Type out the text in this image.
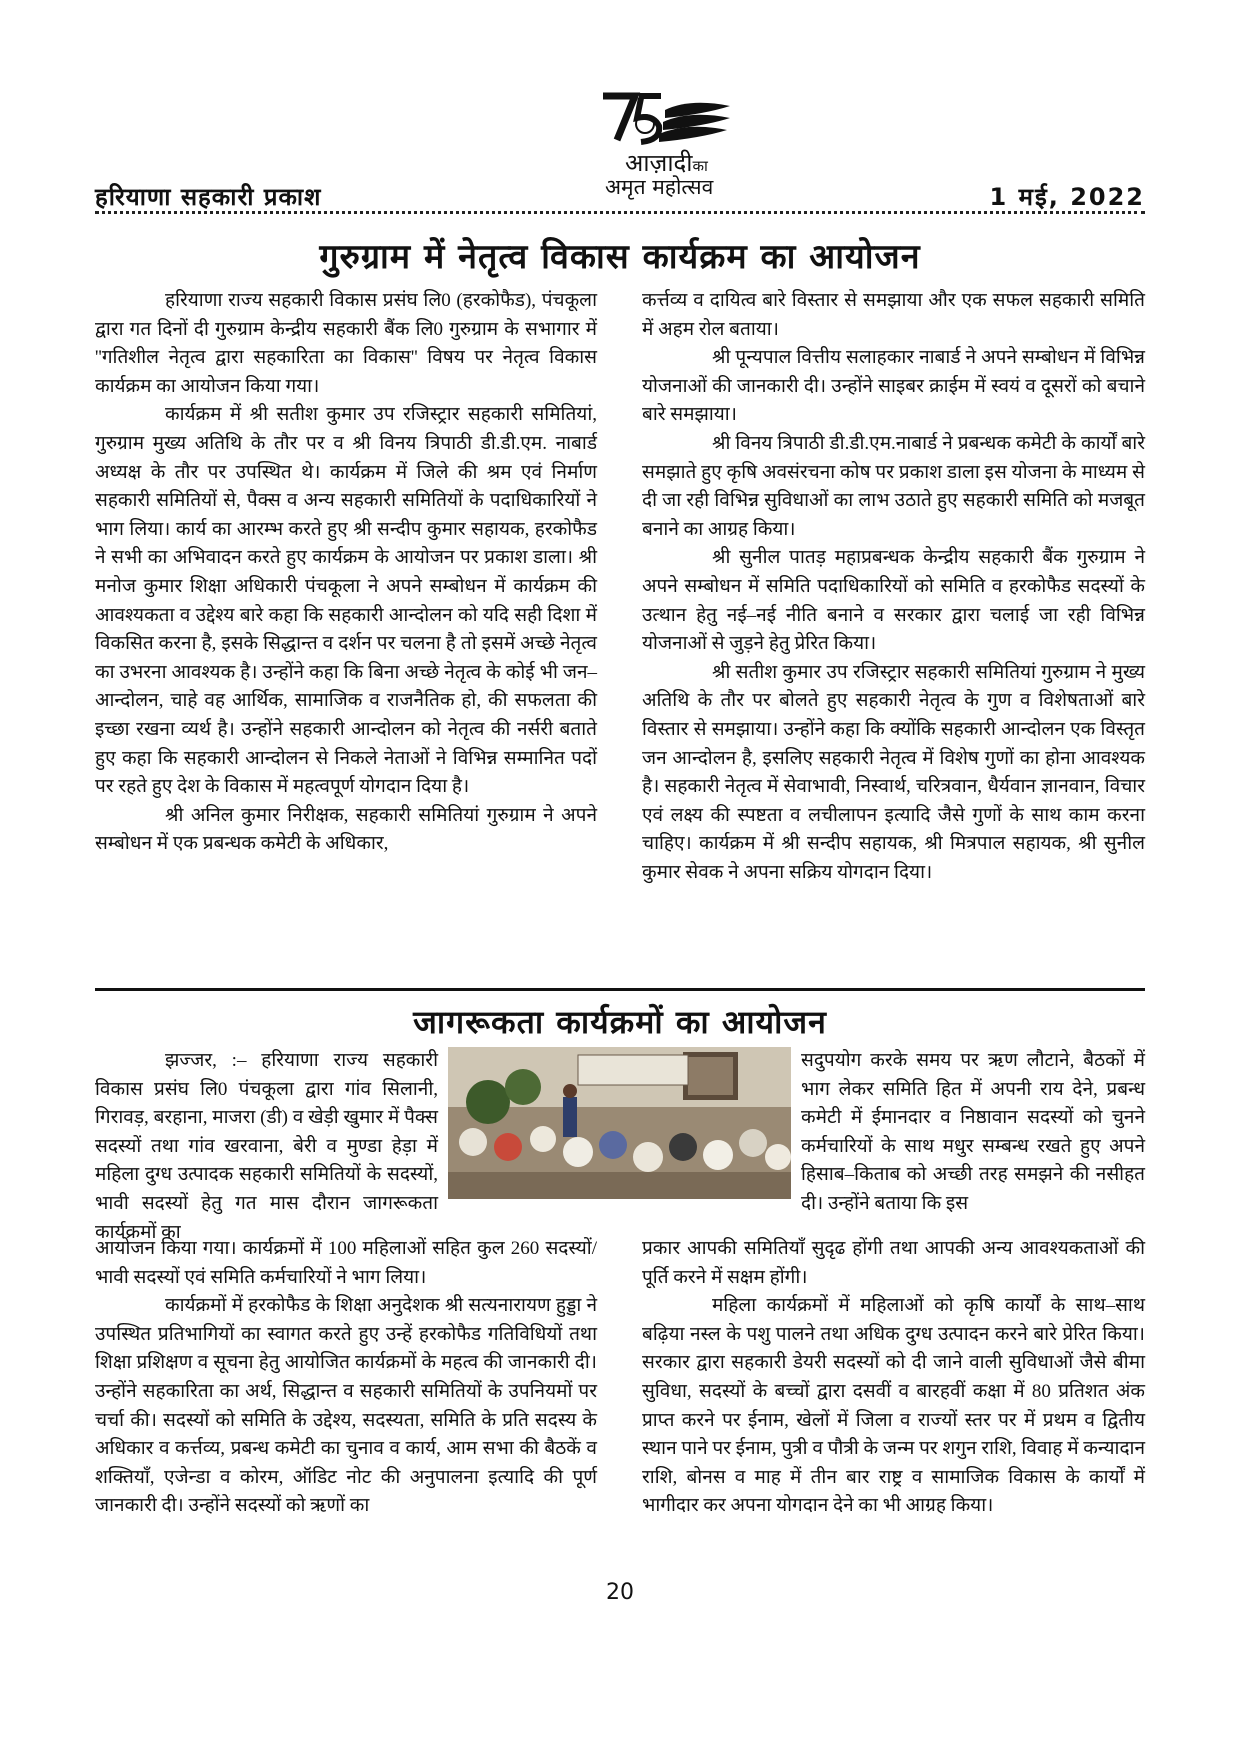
हरियाणा सहकारी प्रकाश
आज़ादीका
अमृत महोत्सव	1 मई, 2022
गुरुग्राम में नेतृत्व विकास कार्यक्रम का आयोजन

हरियाणा राज्य सहकारी विकास प्रसंघ लि0 (हरकोफैड), पंचकूला द्वारा गत दिनों दी गुरुग्राम केन्द्रीय सहकारी बैंक लि0 गुरुग्राम के सभागार में ''गतिशील नेतृत्व द्वारा सहकारिता का विकास'' विषय पर नेतृत्व विकास कार्यक्रम का आयोजन किया गया।

कार्यक्रम में श्री सतीश कुमार उप रजिस्ट्रार सहकारी समितियां, गुरुग्राम मुख्य अतिथि के तौर पर व श्री विनय त्रिपाठी डी.डी.एम. नाबार्ड अध्यक्ष के तौर पर उपस्थित थे। कार्यक्रम में जिले की श्रम एवं निर्माण सहकारी समितियों से, पैक्स व अन्य सहकारी समितियों के पदाधिकारियों ने भाग लिया। कार्य का आरम्भ करते हुए श्री सन्दीप कुमार सहायक, हरकोफैड ने सभी का अभिवादन करते हुए कार्यक्रम के आयोजन पर प्रकाश डाला। श्री मनोज कुमार शिक्षा अधिकारी पंचकूला ने अपने सम्बोधन में कार्यक्रम की आवश्यकता व उद्देश्य बारे कहा कि सहकारी आन्दोलन को यदि सही दिशा में विकसित करना है, इसके सिद्धान्त व दर्शन पर चलना है तो इसमें अच्छे नेतृत्व का उभरना आवश्यक है। उन्होंने कहा कि बिना अच्छे नेतृत्व के कोई भी जन–आन्दोलन, चाहे वह आर्थिक, सामाजिक व राजनैतिक हो, की सफलता की इच्छा रखना व्यर्थ है। उन्होंने सहकारी आन्दोलन को नेतृत्व की नर्सरी बताते हुए कहा कि सहकारी आन्दोलन से निकले नेताओं ने विभिन्न सम्मानित पदों पर रहते हुए देश के विकास में महत्वपूर्ण योगदान दिया है।

श्री अनिल कुमार निरीक्षक, सहकारी समितियां गुरुग्राम ने अपने सम्बोधन में एक प्रबन्धक कमेटी के अधिकार,

कर्त्तव्य व दायित्व बारे विस्तार से समझाया और एक सफल सहकारी समिति में अहम रोल बताया।

श्री पून्यपाल वित्तीय सलाहकार नाबार्ड ने अपने सम्बोधन में विभिन्न योजनाओं की जानकारी दी। उन्होंने साइबर क्राईम में स्वयं व दूसरों को बचाने बारे समझाया।

श्री विनय त्रिपाठी डी.डी.एम.नाबार्ड ने प्रबन्धक कमेटी के कार्यों बारे समझाते हुए कृषि अवसंरचना कोष पर प्रकाश डाला इस योजना के माध्यम से दी जा रही विभिन्न सुविधाओं का लाभ उठाते हुए सहकारी समिति को मजबूत बनाने का आग्रह किया।

श्री सुनील पातड़ महाप्रबन्धक केन्द्रीय सहकारी बैंक गुरुग्राम ने अपने सम्बोधन में समिति पदाधिकारियों को समिति व हरकोफैड सदस्यों के उत्थान हेतु नई–नई नीति बनाने व सरकार द्वारा चलाई जा रही विभिन्न योजनाओं से जुड़ने हेतु प्रेरित किया।

श्री सतीश कुमार उप रजिस्ट्रार सहकारी समितियां गुरुग्राम ने मुख्य अतिथि के तौर पर बोलते हुए सहकारी नेतृत्व के गुण व विशेषताओं बारे विस्तार से समझाया। उन्होंने कहा कि क्योंकि सहकारी आन्दोलन एक विस्तृत जन आन्दोलन है, इसलिए सहकारी नेतृत्व में विशेष गुणों का होना आवश्यक है। सहकारी नेतृत्व में सेवाभावी, निस्वार्थ, चरित्रवान, धैर्यवान ज्ञानवान, विचार एवं लक्ष्य की स्पष्टता व लचीलापन इत्यादि जैसे गुणों के साथ काम करना चाहिए। कार्यक्रम में श्री सन्दीप सहायक, श्री मित्रपाल सहायक, श्री सुनील कुमार सेवक ने अपना सक्रिय योगदान दिया।

जागरूकता कार्यक्रमों का आयोजन

झज्जर, :– हरियाणा राज्य सहकारी विकास प्रसंघ लि0 पंचकूला द्वारा गांव सिलानी, गिरावड़, बरहाना, माजरा (डी) व खेड़ी खुमार में पैक्स सदस्यों तथा गांव खरवाना, बेरी व मुण्डा हेड़ा में महिला दुग्ध उत्पादक सहकारी समितियों के सदस्यों, भावी सदस्यों हेतु गत मास दौरान जागरूकता कार्यक्रमों का

सदुपयोग करके समय पर ऋण लौटाने, बैठकों में भाग लेकर समिति हित में अपनी राय देने, प्रबन्ध कमेटी में ईमानदार व निष्ठावान सदस्यों को चुनने कर्मचारियों के साथ मधुर सम्बन्ध रखते हुए अपने हिसाब–किताब को अच्छी तरह समझने की नसीहत दी। उन्होंने बताया कि इस

आयोजन किया गया। कार्यक्रमों में 100 महिलाओं सहित कुल 260 सदस्यों/भावी सदस्यों एवं समिति कर्मचारियों ने भाग लिया।

कार्यक्रमों में हरकोफैड के शिक्षा अनुदेशक श्री सत्यनारायण हुड्डा ने उपस्थित प्रतिभागियों का स्वागत करते हुए उन्हें हरकोफैड गतिविधियों तथा शिक्षा प्रशिक्षण व सूचना हेतु आयोजित कार्यक्रमों के महत्व की जानकारी दी। उन्होंने सहकारिता का अर्थ, सिद्धान्त व सहकारी समितियों के उपनियमों पर चर्चा की। सदस्यों को समिति के उद्देश्य, सदस्यता, समिति के प्रति सदस्य के अधिकार व कर्त्तव्य, प्रबन्ध कमेटी का चुनाव व कार्य, आम सभा की बैठकें व शक्तियाँ, एजेन्डा व कोरम, ऑडिट नोट की अनुपालना इत्यादि की पूर्ण जानकारी दी। उन्होंने सदस्यों को ऋणों का

प्रकार आपकी समितियाँ सुदृढ होंगी तथा आपकी अन्य आवश्यकताओं की पूर्ति करने में सक्षम होंगी।

महिला कार्यक्रमों में महिलाओं को कृषि कार्यों के साथ–साथ बढ़िया नस्ल के पशु पालने तथा अधिक दुग्ध उत्पादन करने बारे प्रेरित किया। सरकार द्वारा सहकारी डेयरी सदस्यों को दी जाने वाली सुविधाओं जैसे बीमा सुविधा, सदस्यों के बच्चों द्वारा दसवीं व बारहवीं कक्षा में 80 प्रतिशत अंक प्राप्त करने पर ईनाम, खेलों में जिला व राज्यों स्तर पर में प्रथम व द्वितीय स्थान पाने पर ईनाम, पुत्री व पौत्री के जन्म पर शगुन राशि, विवाह में कन्यादान राशि, बोनस व माह में तीन बार राष्ट्र व सामाजिक विकास के कार्यों में भागीदार कर अपना योगदान देने का भी आग्रह किया।

20
